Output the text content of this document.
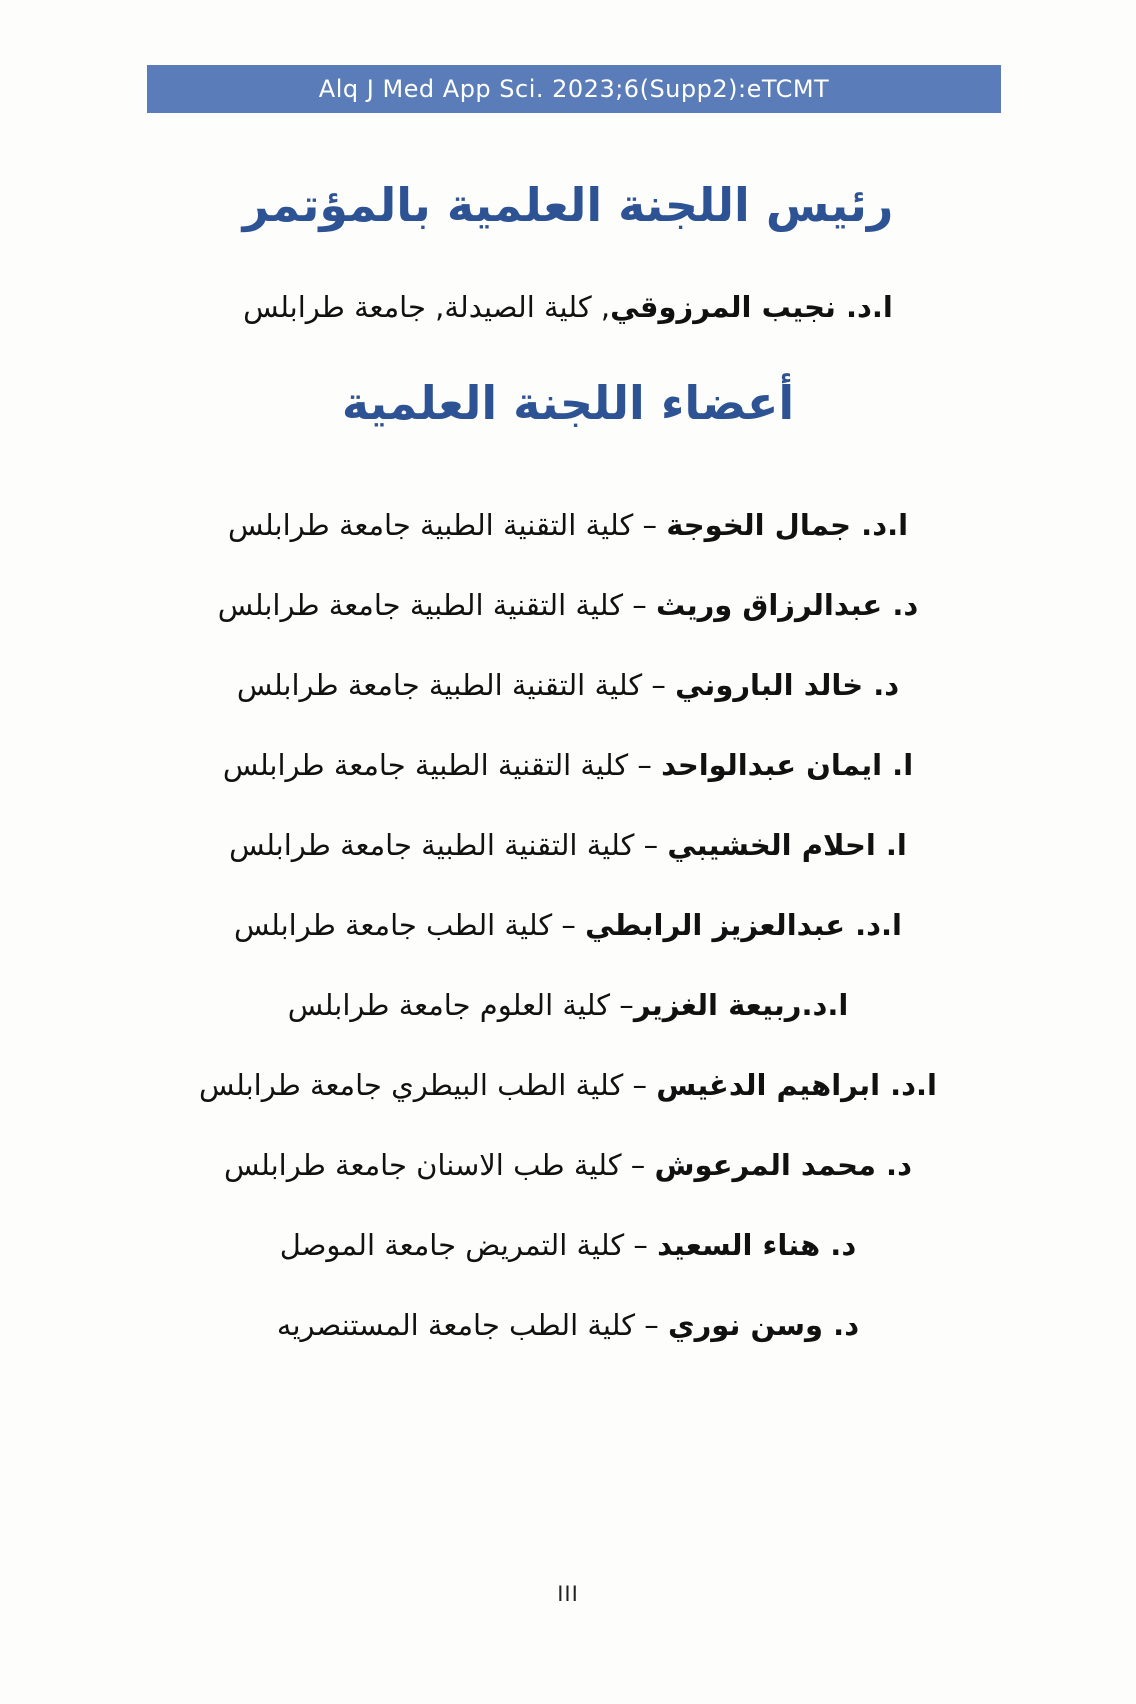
Alq J Med App Sci. 2023;6(Supp2):eTCMT
رئيس اللجنة العلمية بالمؤتمر
ا.د. نجيب المرزوقي, كلية الصيدلة, جامعة طرابلس
أعضاء اللجنة العلمية
ا.د. جمال الخوجة – كلية التقنية الطبية جامعة طرابلس
د. عبدالرزاق وريث – كلية التقنية الطبية جامعة طرابلس
د. خالد الباروني – كلية التقنية الطبية جامعة طرابلس
ا. ايمان عبدالواحد – كلية التقنية الطبية جامعة طرابلس
ا. احلام الخشيبي – كلية التقنية الطبية جامعة طرابلس
ا.د. عبدالعزيز الرابطي – كلية الطب جامعة طرابلس
ا.د.ربيعة الغزير– كلية العلوم جامعة طرابلس
ا.د. ابراهيم الدغيس – كلية الطب البيطري جامعة طرابلس
د. محمد المرعوش – كلية طب الاسنان جامعة طرابلس
د. هناء السعيد – كلية التمريض جامعة الموصل
د. وسن نوري – كلية الطب جامعة المستنصريه
III
